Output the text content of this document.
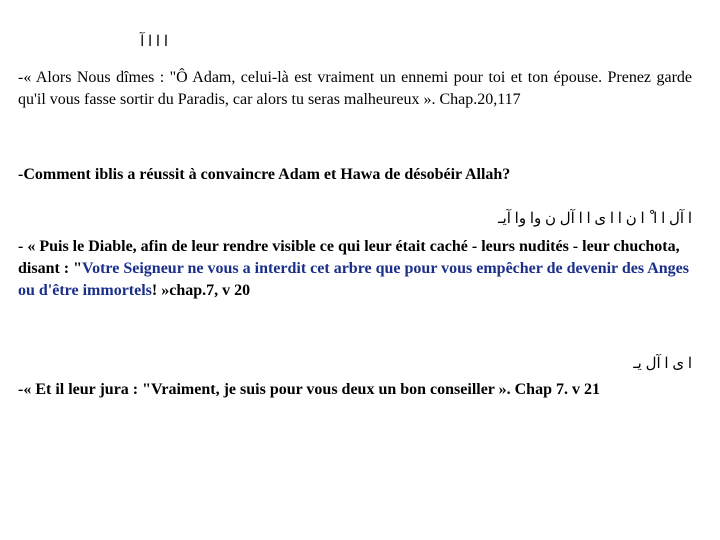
ا ا ا آ

-« Alors Nous dîmes : "Ô Adam, celui-là est vraiment un ennemi pour toi et ton épouse. Prenez garde qu'il vous fasse sortir du Paradis, car alors tu seras malheureux ». Chap.20,117

-Comment iblis a réussit à convaincre Adam et Hawa de désobéir Allah?

ا آل ا ا ْ ا ن ا ا ی ا ا آل ن وا وا آيـ

- « Puis le Diable, afin de leur rendre visible ce qui leur était caché - leurs nudités - leur chuchota, disant : "Votre Seigneur ne vous a interdit cet arbre que pour vous empêcher de devenir des Anges ou d'être immortels! »chap.7, v 20

ا ی ا آل يـ

-« Et il leur jura : "Vraiment, je suis pour vous deux un bon conseiller ». Chap 7. v 21
